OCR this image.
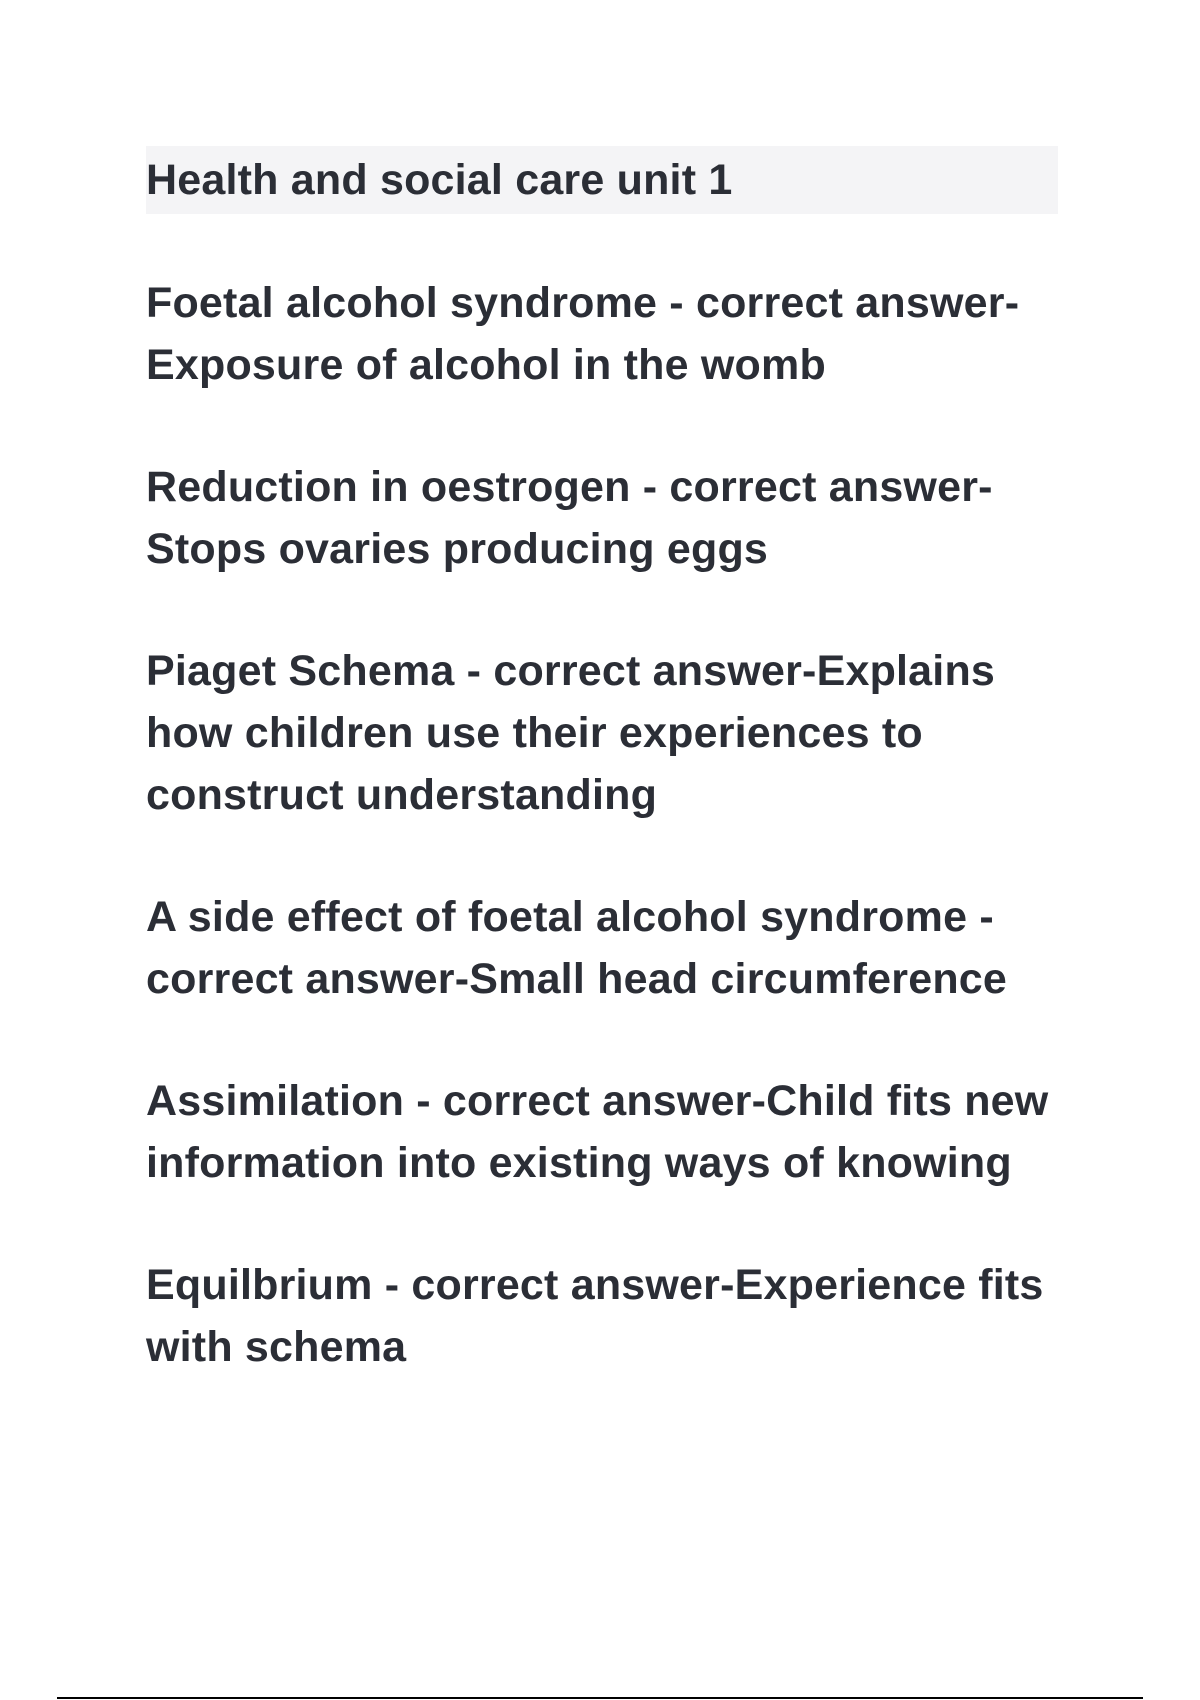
Health and social care unit 1

Foetal alcohol syndrome - correct answer-Exposure of alcohol in the womb

Reduction in oestrogen - correct answer-Stops ovaries producing eggs

Piaget Schema - correct answer-Explains how children use their experiences to construct understanding

A side effect of foetal alcohol syndrome - correct answer-Small head circumference

Assimilation - correct answer-Child fits new information into existing ways of knowing

Equilbrium - correct answer-Experience fits with schema
